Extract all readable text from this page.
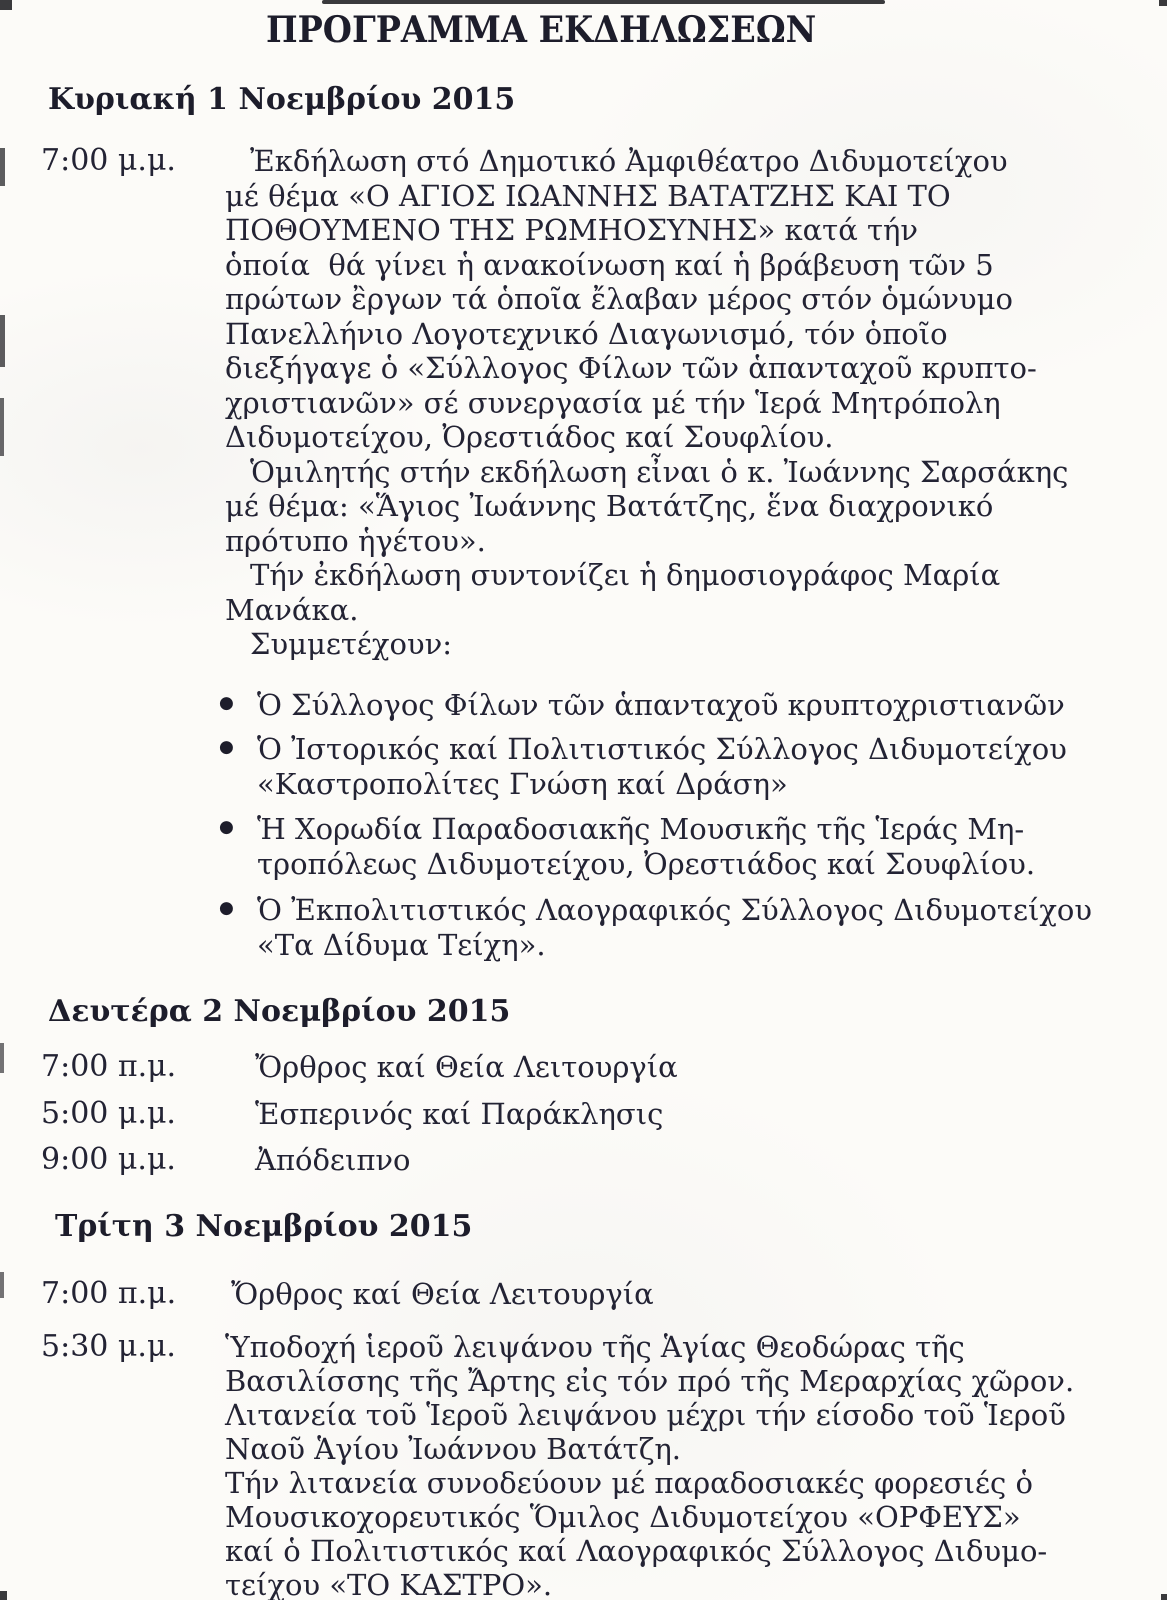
ΠΡΟΓΡΑΜΜΑ ΕΚΔΗΛΩΣΕΩΝ
Κυριακή 1 Νοεμβρίου 2015
7:00 μ.μ.	Ἐκδήλωση στό Δημοτικό Ἀμφιθέατρο Διδυμοτείχου
μέ θέμα «Ο ΑΓΙΟΣ ΙΩΑΝΝΗΣ ΒΑΤΑΤΖΗΣ ΚΑΙ ΤΟ
ΠΟΘΟΥΜΕΝΟ ΤΗΣ ΡΩΜΗΟΣΥΝΗΣ» κατά τήν
ὁποία  θά γίνει ἡ ανακοίνωση καί ἡ βράβευση τῶν 5
πρώτων ἒργων τά ὁποῖα ἔλαβαν μέρος στόν ὁμώνυμο
Πανελλήνιο Λογοτεχνικό Διαγωνισμό, τόν ὁποῖο
διεξήγαγε ὁ «Σύλλογος Φίλων τῶν ἁπανταχοῦ κρυπτο-
χριστιανῶν» σέ συνεργασία μέ τήν Ἱερά Μητρόπολη
Διδυμοτείχου, Ὀρεστιάδος καί Σουφλίου.
Ὁμιλητής στήν εκδήλωση εἶναι ὁ κ. Ἰωάννης Σαρσάκης
μέ θέμα: «Ἅγιος Ἰωάννης Βατάτζης, ἕνα διαχρονικό
πρότυπο ἡγέτου».
Τήν ἐκδήλωση συντονίζει ἡ δημοσιογράφος Μαρία
Μανάκα.
Συμμετέχουν:
● Ὁ Σύλλογος Φίλων τῶν ἁπανταχοῦ κρυπτοχριστιανῶν
● Ὁ Ἰστορικός καί Πολιτιστικός Σύλλογος Διδυμοτείχου
«Καστροπολίτες Γνώση καί Δράση»
● Ἡ Χορωδία Παραδοσιακῆς Μουσικῆς τῆς Ἱεράς Μη-
τροπόλεως Διδυμοτείχου, Ὀρεστιάδος καί Σουφλίου.
● Ὁ Ἐκπολιτιστικός Λαογραφικός Σύλλογος Διδυμοτείχου
«Τα Δίδυμα Τείχη».
Δευτέρα 2 Νοεμβρίου 2015
7:00 π.μ.	Ὄρθρος καί Θεία Λειτουργία
5:00 μ.μ.	Ἑσπερινός καί Παράκλησις
9:00 μ.μ.	Ἀπόδειπνο
Τρίτη 3 Νοεμβρίου 2015
7:00 π.μ.	Ὄρθρος καί Θεία Λειτουργία
5:30 μ.μ.	Ὑποδοχή ἱεροῦ λειψάνου τῆς Ἁγίας Θεοδώρας τῆς
Βασιλίσσης τῆς Ἄρτης εἰς τόν πρό τῆς Μεραρχίας χῶρον.
Λιτανεία τοῦ Ἱεροῦ λειψάνου μέχρι τήν είσοδο τοῦ Ἱεροῦ
Ναοῦ Ἁγίου Ἰωάννου Βατάτζη.
Τήν λιτανεία συνοδεύουν μέ παραδοσιακές φορεσιές ὁ
Μουσικοχορευτικός Ὅμιλος Διδυμοτείχου «ΟΡΦΕΥΣ»
καί ὁ Πολιτιστικός καί Λαογραφικός Σύλλογος Διδυμο-
τείχου «ΤΟ ΚΑΣΤΡΟ».
